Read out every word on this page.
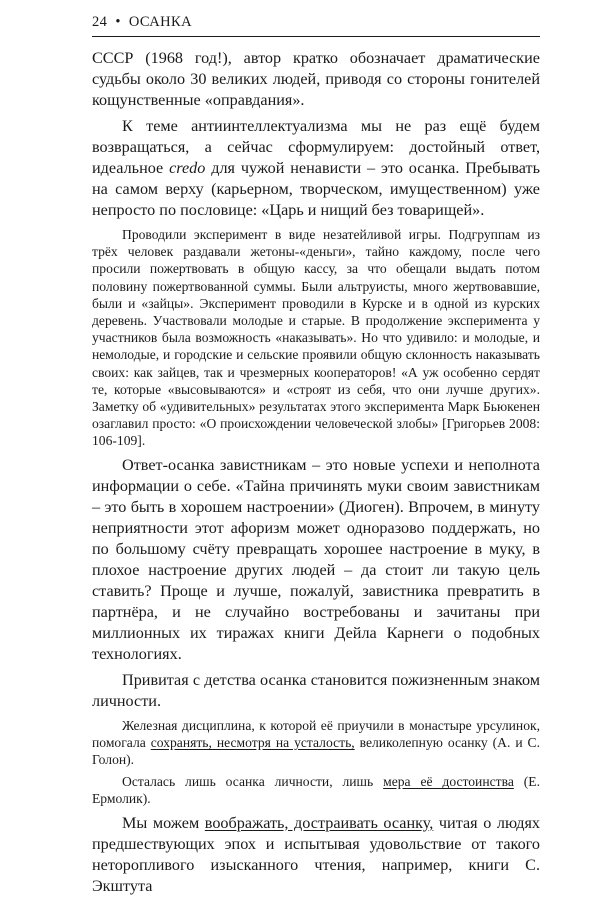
24 • ОСАНКА

СССР (1968 год!), автор кратко обозначает драматические судьбы около 30 великих людей, приводя со стороны гонителей кощунственные «оправдания».

К теме антиинтеллектуализма мы не раз ещё будем возвращаться, а сейчас сформулируем: достойный ответ, идеальное credo для чужой ненависти – это осанка. Пребывать на самом верху (карьерном, творческом, имущественном) уже непросто по пословице: «Царь и нищий без товарищей».

Проводили эксперимент в виде незатейливой игры. Подгруппам из трёх человек раздавали жетоны-«деньги», тайно каждому, после чего просили пожертвовать в общую кассу, за что обещали выдать потом половину пожертвованной суммы. Были альтруисты, много жертвовавшие, были и «зайцы». Эксперимент проводили в Курске и в одной из курских деревень. Участвовали молодые и старые. В продолжение эксперимента у участников была возможность «наказывать». Но что удивило: и молодые, и немолодые, и городские и сельские проявили общую склонность наказывать своих: как зайцев, так и чрезмерных кооператоров! «А уж особенно сердят те, которые «высовываются» и «строят из себя, что они лучше других». Заметку об «удивительных» результатах этого эксперимента Марк Бьюкенен озаглавил просто: «О происхождении человеческой злобы» [Григорьев 2008: 106-109].

Ответ-осанка завистникам – это новые успехи и неполнота информации о себе. «Тайна причинять муки своим завистникам – это быть в хорошем настроении» (Диоген). Впрочем, в минуту неприятности этот афоризм может одноразово поддержать, но по большому счёту превращать хорошее настроение в муку, в плохое настроение других людей – да стоит ли такую цель ставить? Проще и лучше, пожалуй, завистника превратить в партнёра, и не случайно востребованы и зачитаны при миллионных их тиражах книги Дейла Карнеги о подобных технологиях.

Привитая с детства осанка становится пожизненным знаком личности.

Железная дисциплина, к которой её приучили в монастыре урсулинок, помогала сохранять, несмотря на усталость, великолепную осанку (А. и С. Голон).

Осталась лишь осанка личности, лишь мера её достоинства (Е. Ермолик).

Мы можем воображать, достраивать осанку, читая о людях предшествующих эпох и испытывая удовольствие от такого неторопливого изысканного чтения, например, книги С. Экштута
